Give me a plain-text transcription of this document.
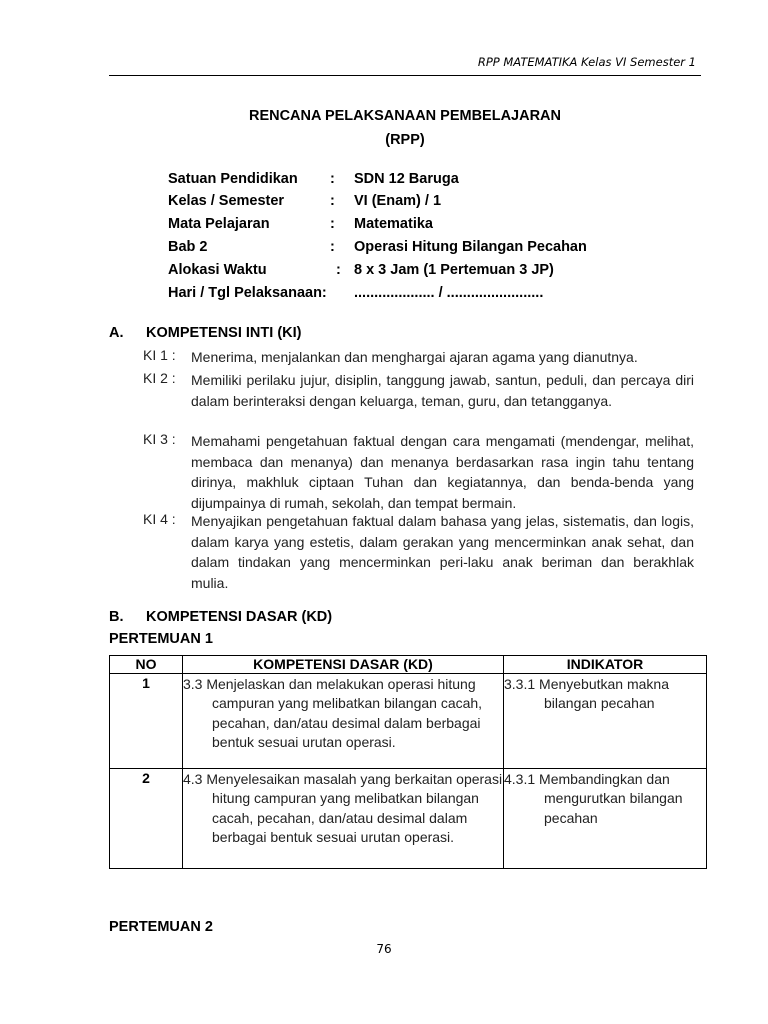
RPP MATEMATIKA Kelas VI Semester 1
RENCANA PELAKSANAAN PEMBELAJARAN
(RPP)
Satuan Pendidikan : SDN 12 Baruga
Kelas / Semester	: VI (Enam) / 1
Mata Pelajaran	: Matematika
Bab 2	: Operasi Hitung Bilangan Pecahan
Alokasi Waktu	: 8 x 3 Jam (1 Pertemuan 3 JP)
Hari / Tgl Pelaksanaan: .................... / ........................
A. KOMPETENSI INTI (KI)
KI 1 : Menerima, menjalankan dan menghargai ajaran agama yang dianutnya.
KI 2 : Memiliki perilaku jujur, disiplin, tanggung jawab, santun, peduli, dan percaya diri dalam berinteraksi dengan keluarga, teman, guru, dan tetangganya.
KI 3 : Memahami pengetahuan faktual dengan cara mengamati (mendengar, melihat, membaca dan menanya) dan menanya berdasarkan rasa ingin tahu tentang dirinya, makhluk ciptaan Tuhan dan kegiatannya, dan benda-benda yang dijumpainya di rumah, sekolah, dan tempat bermain.
KI 4 : Menyajikan pengetahuan faktual dalam bahasa yang jelas, sistematis, dan logis, dalam karya yang estetis, dalam gerakan yang mencerminkan anak sehat, dan dalam tindakan yang mencerminkan peri-laku anak beriman dan berakhlak mulia.
B. KOMPETENSI DASAR (KD)
PERTEMUAN 1
NO	KOMPETENSI DASAR (KD)	INDIKATOR
1	3.3 Menjelaskan dan melakukan operasi hitung campuran yang melibatkan bilangan cacah, pecahan, dan/atau desimal dalam berbagai bentuk sesuai urutan operasi.	3.3.1 Menyebutkan makna bilangan pecahan

2	4.3 Menyelesaikan masalah yang berkaitan operasi hitung campuran yang melibatkan bilangan cacah, pecahan, dan/atau desimal dalam berbagai bentuk sesuai urutan operasi.	4.3.1 Membandingkan dan mengurutkan bilangan pecahan
PERTEMUAN 2
76
